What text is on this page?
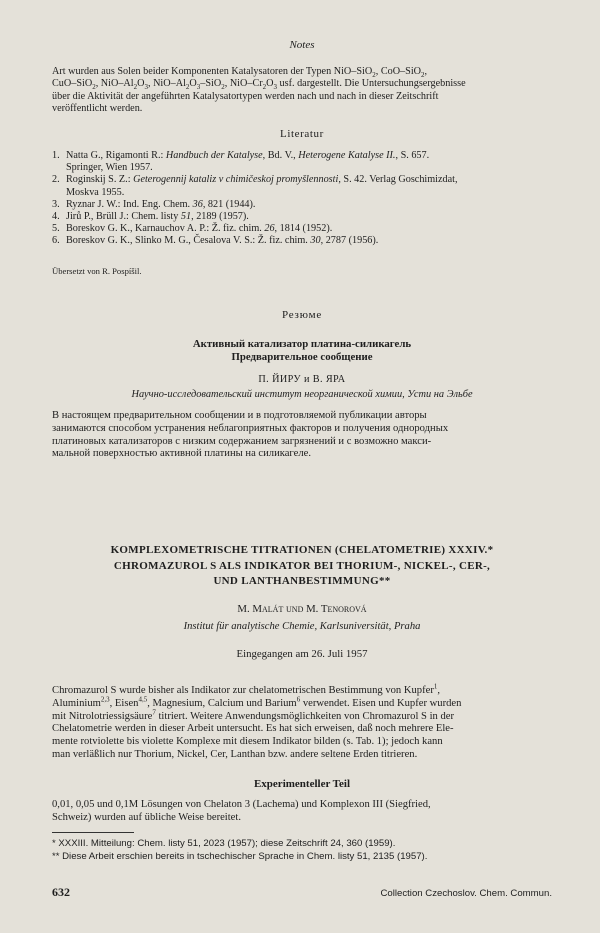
Notes
Art wurden aus Solen beider Komponenten Katalysatoren der Typen NiO–SiO$_2$, CoO–SiO$_2$,
CuO–SiO$_2$, NiO–$Al_2O_3$, NiO–$Al_2O_3-SiO_2$, NiO–$Cr_2O_3$ usf. dargestellt. Die Untersuchungsergebnisse
über die Aktivität der angeführten Katalysatortypen werden nach und nach in dieser Zeitschrift
veröffentlicht werden.
Literatur
1. Natta G., Rigamonti R.: Handbuch der Katalyse, Bd. V., Heterogene Katalyse II., S. 657.
Springer, Wien 1957.
2. Roginskij S. Z.: Geterogennij kataliz v chimičeskoj promyšlennosti, S. 42. Verlag Goschimizdat,
Moskva 1955.
3. Ryznar J. W.: Ind. Eng. Chem. 36, 821 (1944).
4. Jirů P., Brüll J.: Chem. listy 51, 2189 (1957).
5. Boreskov G. K., Karnauchov A. P.: Ž. fiz. chim. 26, 1814 (1952).
6. Boreskov G. K., Slinko M. G., Česalova V. S.: Ž. fiz. chim. 30, 2787 (1956).
Übersetzt von R. Pospíšil.
Резюме
Активный катализатор платина-силикагель
Предварительное сообщение
П. ЙИРУ и В. ЯРА
Научно-исследовательский институт неорганической химии, Усти на Эльбе
В настоящем предварительном сообщении и в подготовляемой публикации авторы
занимаются способом устранения неблагоприятных факторов и получения однородных
платиновых катализаторов с низким содержанием загрязнений и с возможно макси-
мальной поверхностью активной платины на силикагеле.
KOMPLEXOMETRISCHE TITRATIONEN (CHELATOMETRIE) XXXIV.*
CHROMAZUROL S ALS INDIKATOR BEI THORIUM-, NICKEL-, CER-,
UND LANTHANBESTIMMUNG**
M. Malát und M. Tenorová
Institut für analytische Chemie, Karlsuniversität, Praha
Eingegangen am 26. Juli 1957
Chromazurol S wurde bisher als Indikator zur chelatometrischen Bestimmung von Kupfer$^1$,
Aluminium$^{2,3}$, Eisen$^{4,5}$, Magnesium, Calcium und Barium$^6$ verwendet. Eisen und Kupfer wurden
mit Nitrolotriessigsäure$^7$ titriert. Weitere Anwendungsmöglichkeiten von Chromazurol S in der
Chelatometrie werden in dieser Arbeit untersucht. Es hat sich erweisen, daß noch mehrere Ele-
mente rotviolette bis violette Komplexe mit diesem Indikator bilden (s. Tab. 1); jedoch kann
man verläßlich nur Thorium, Nickel, Cer, Lanthan bzw. andere seltene Erden titrieren.
Experimenteller Teil
0,01, 0,05 und 0,1M Lösungen von Chelaton 3 (Lachema) und Komplexon III (Siegfried,
Schweiz) wurden auf übliche Weise bereitet.
* XXXIII. Mitteilung: Chem. listy 51, 2023 (1957); diese Zeitschrift 24, 360 (1959).
** Diese Arbeit erschien bereits in tschechischer Sprache in Chem. listy 51, 2135 (1957).
632	Collection Czechoslov. Chem. Commun.
